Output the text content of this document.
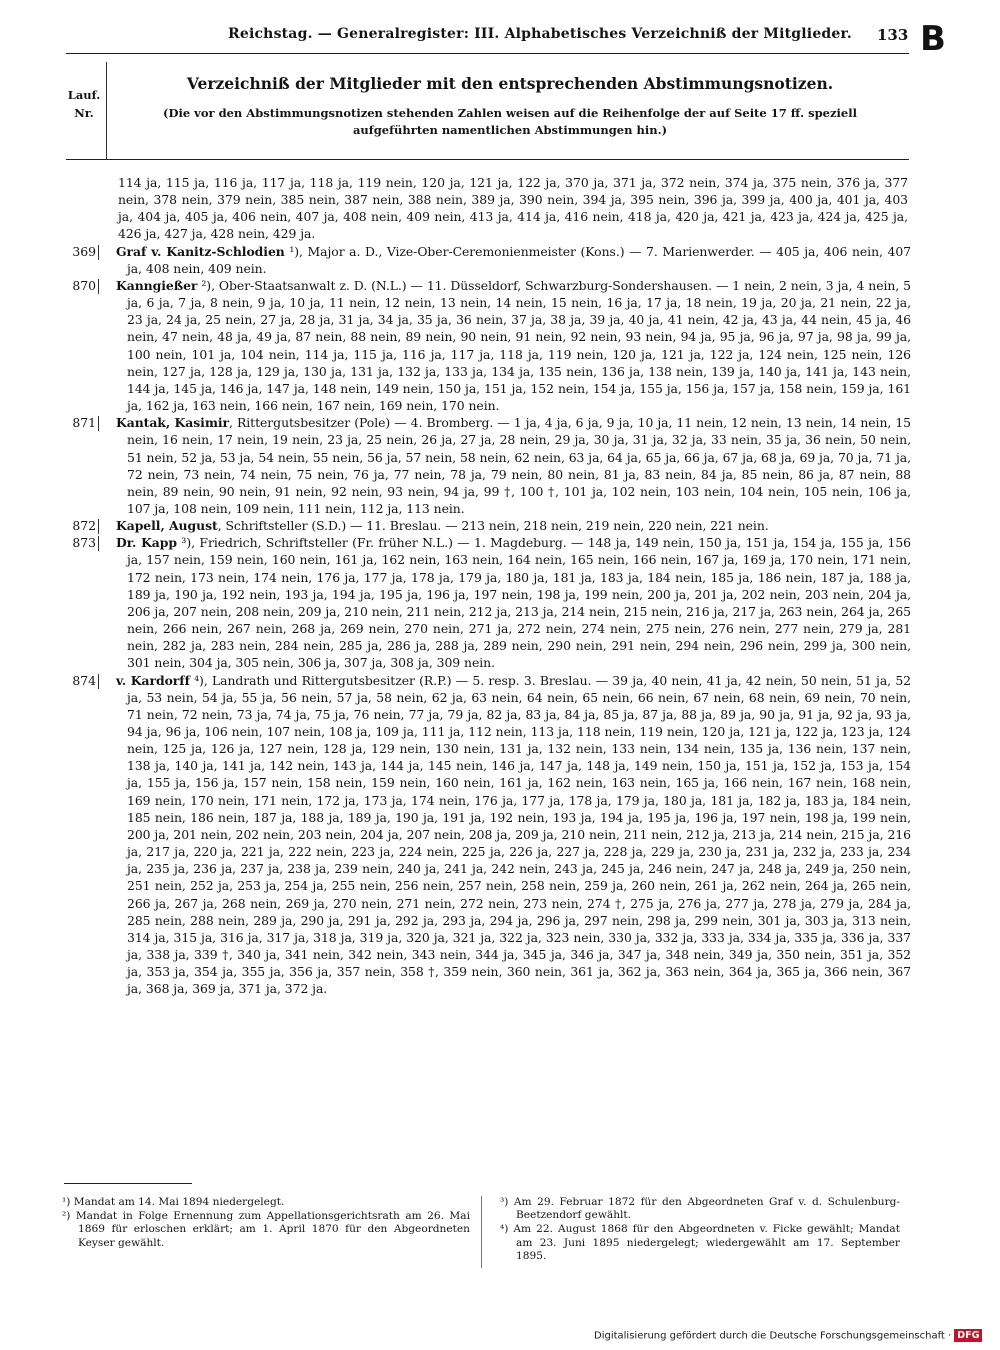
Reichstag. — Generalregister: III. Alphabetisches Verzeichniß der Mitglieder. 133 B
Lauf.
Nr.
Verzeichniß der Mitglieder mit den entsprechenden Abstimmungsnotizen.
(Die vor den Abstimmungsnotizen stehenden Zahlen weisen auf die Reihenfolge der auf Seite 17 ff. speziell aufgeführten namentlichen Abstimmungen hin.)

114 ja, 115 ja, 116 ja, 117 ja, 118 ja, 119 nein, 120 ja, 121 ja, 122 ja, 370 ja, 371 ja, 372 nein, 374 ja, 375 nein, 376 ja, 377 nein, 378 nein, 379 nein, 385 nein, 387 nein, 388 nein, 389 ja, 390 nein, 394 ja, 395 nein, 396 ja, 399 ja, 400 ja, 401 ja, 403 ja, 404 ja, 405 ja, 406 nein, 407 ja, 408 nein, 409 nein, 413 ja, 414 ja, 416 nein, 418 ja, 420 ja, 421 ja, 423 ja, 424 ja, 425 ja, 426 ja, 427 ja, 428 nein, 429 ja.

369 Graf v. Kanitz-Schlodien ¹), Major a. D., Vize-Ober-Ceremonienmeister (Kons.) — 7. Marienwerder. — 405 ja, 406 nein, 407 ja, 408 nein, 409 nein.
870 Kanngießer ²), Ober-Staatsanwalt z. D. (N.L.) — 11. Düsseldorf, Schwarzburg-Sondershausen. — 1 nein, 2 nein, 3 ja, 4 nein, 5 ja, 6 ja, 7 ja, 8 nein, 9 ja, 10 ja, 11 nein, 12 nein, 13 nein, 14 nein, 15 nein, 16 ja, 17 ja, 18 nein, 19 ja, 20 ja, 21 nein, 22 ja, 23 ja, 24 ja, 25 nein, 27 ja, 28 ja, 31 ja, 34 ja, 35 ja, 36 nein, 37 ja, 38 ja, 39 ja, 40 ja, 41 nein, 42 ja, 43 ja, 44 nein, 45 ja, 46 nein, 47 nein, 48 ja, 49 ja, 87 nein, 88 nein, 89 nein, 90 nein, 91 nein, 92 nein, 93 nein, 94 ja, 95 ja, 96 ja, 97 ja, 98 ja, 99 ja, 100 nein, 101 ja, 104 nein, 114 ja, 115 ja, 116 ja, 117 ja, 118 ja, 119 nein, 120 ja, 121 ja, 122 ja, 124 nein, 125 nein, 126 nein, 127 ja, 128 ja, 129 ja, 130 ja, 131 ja, 132 ja, 133 ja, 134 ja, 135 nein, 136 ja, 138 nein, 139 ja, 140 ja, 141 ja, 143 nein, 144 ja, 145 ja, 146 ja, 147 ja, 148 nein, 149 nein, 150 ja, 151 ja, 152 nein, 154 ja, 155 ja, 156 ja, 157 ja, 158 nein, 159 ja, 161 ja, 162 ja, 163 nein, 166 nein, 167 nein, 169 nein, 170 nein.
871 Kantak, Kasimir, Rittergutsbesitzer (Pole) — 4. Bromberg. — 1 ja, 4 ja, 6 ja, 9 ja, 10 ja, 11 nein, 12 nein, 13 nein, 14 nein, 15 nein, 16 nein, 17 nein, 19 nein, 23 ja, 25 nein, 26 ja, 27 ja, 28 nein, 29 ja, 30 ja, 31 ja, 32 ja, 33 nein, 35 ja, 36 nein, 50 nein, 51 nein, 52 ja, 53 ja, 54 nein, 55 nein, 56 ja, 57 nein, 58 nein, 62 nein, 63 ja, 64 ja, 65 ja, 66 ja, 67 ja, 68 ja, 69 ja, 70 ja, 71 ja, 72 nein, 73 nein, 74 nein, 75 nein, 76 ja, 77 nein, 78 ja, 79 nein, 80 nein, 81 ja, 83 nein, 84 ja, 85 nein, 86 ja, 87 nein, 88 nein, 89 nein, 90 nein, 91 nein, 92 nein, 93 nein, 94 ja, 99 †, 100 †, 101 ja, 102 nein, 103 nein, 104 nein, 105 nein, 106 ja, 107 ja, 108 nein, 109 nein, 111 nein, 112 ja, 113 nein.
872 Kapell, August, Schriftsteller (S.D.) — 11. Breslau. — 213 nein, 218 nein, 219 nein, 220 nein, 221 nein.
873 Dr. Kapp ³), Friedrich, Schriftsteller (Fr. früher N.L.) — 1. Magdeburg. — 148 ja, 149 nein, 150 ja, 151 ja, 154 ja, 155 ja, 156 ja, 157 nein, 159 nein, 160 nein, 161 ja, 162 nein, 163 nein, 164 nein, 165 nein, 166 nein, 167 ja, 169 ja, 170 nein, 171 nein, 172 nein, 173 nein, 174 nein, 176 ja, 177 ja, 178 ja, 179 ja, 180 ja, 181 ja, 183 ja, 184 nein, 185 ja, 186 nein, 187 ja, 188 ja, 189 ja, 190 ja, 192 nein, 193 ja, 194 ja, 195 ja, 196 ja, 197 nein, 198 ja, 199 nein, 200 ja, 201 ja, 202 nein, 203 nein, 204 ja, 206 ja, 207 nein, 208 nein, 209 ja, 210 nein, 211 nein, 212 ja, 213 ja, 214 nein, 215 nein, 216 ja, 217 ja, 263 nein, 264 ja, 265 nein, 266 nein, 267 nein, 268 ja, 269 nein, 270 nein, 271 ja, 272 nein, 274 nein, 275 nein, 276 nein, 277 nein, 279 ja, 281 nein, 282 ja, 283 nein, 284 nein, 285 ja, 286 ja, 288 ja, 289 nein, 290 nein, 291 nein, 294 nein, 296 nein, 299 ja, 300 nein, 301 nein, 304 ja, 305 nein, 306 ja, 307 ja, 308 ja, 309 nein.
874 v. Kardorff ⁴), Landrath und Rittergutsbesitzer (R.P.) — 5. resp. 3. Breslau. — 39 ja, 40 nein, 41 ja, 42 nein, 50 nein, 51 ja, 52 ja, 53 nein, 54 ja, 55 ja, 56 nein, 57 ja, 58 nein, 62 ja, 63 nein, 64 nein, 65 nein, 66 nein, 67 nein, 68 nein, 69 nein, 70 nein, 71 nein, 72 nein, 73 ja, 74 ja, 75 ja, 76 nein, 77 ja, 79 ja, 82 ja, 83 ja, 84 ja, 85 ja, 87 ja, 88 ja, 89 ja, 90 ja, 91 ja, 92 ja, 93 ja, 94 ja, 96 ja, 106 nein, 107 nein, 108 ja, 109 ja, 111 ja, 112 nein, 113 ja, 118 nein, 119 nein, 120 ja, 121 ja, 122 ja, 123 ja, 124 nein, 125 ja, 126 ja, 127 nein, 128 ja, 129 nein, 130 nein, 131 ja, 132 nein, 133 nein, 134 nein, 135 ja, 136 nein, 137 nein, 138 ja, 140 ja, 141 ja, 142 nein, 143 ja, 144 ja, 145 nein, 146 ja, 147 ja, 148 ja, 149 nein, 150 ja, 151 ja, 152 ja, 153 ja, 154 ja, 155 ja, 156 ja, 157 nein, 158 nein, 159 nein, 160 nein, 161 ja, 162 nein, 163 nein, 165 ja, 166 nein, 167 nein, 168 nein, 169 nein, 170 nein, 171 nein, 172 ja, 173 ja, 174 nein, 176 ja, 177 ja, 178 ja, 179 ja, 180 ja, 181 ja, 182 ja, 183 ja, 184 nein, 185 nein, 186 nein, 187 ja, 188 ja, 189 ja, 190 ja, 191 ja, 192 nein, 193 ja, 194 ja, 195 ja, 196 ja, 197 nein, 198 ja, 199 nein, 200 ja, 201 nein, 202 nein, 203 nein, 204 ja, 207 nein, 208 ja, 209 ja, 210 nein, 211 nein, 212 ja, 213 ja, 214 nein, 215 ja, 216 ja, 217 ja, 220 ja, 221 ja, 222 nein, 223 ja, 224 nein, 225 ja, 226 ja, 227 ja, 228 ja, 229 ja, 230 ja, 231 ja, 232 ja, 233 ja, 234 ja, 235 ja, 236 ja, 237 ja, 238 ja, 239 nein, 240 ja, 241 ja, 242 nein, 243 ja, 245 ja, 246 nein, 247 ja, 248 ja, 249 ja, 250 nein, 251 nein, 252 ja, 253 ja, 254 ja, 255 nein, 256 nein, 257 nein, 258 nein, 259 ja, 260 nein, 261 ja, 262 nein, 264 ja, 265 nein, 266 ja, 267 ja, 268 nein, 269 ja, 270 nein, 271 nein, 272 nein, 273 nein, 274 †, 275 ja, 276 ja, 277 ja, 278 ja, 279 ja, 284 ja, 285 nein, 288 nein, 289 ja, 290 ja, 291 ja, 292 ja, 293 ja, 294 ja, 296 ja, 297 nein, 298 ja, 299 nein, 301 ja, 303 ja, 313 nein, 314 ja, 315 ja, 316 ja, 317 ja, 318 ja, 319 ja, 320 ja, 321 ja, 322 ja, 323 nein, 330 ja, 332 ja, 333 ja, 334 ja, 335 ja, 336 ja, 337 ja, 338 ja, 339 †, 340 ja, 341 nein, 342 nein, 343 nein, 344 ja, 345 ja, 346 ja, 347 ja, 348 nein, 349 ja, 350 nein, 351 ja, 352 ja, 353 ja, 354 ja, 355 ja, 356 ja, 357 nein, 358 †, 359 nein, 360 nein, 361 ja, 362 ja, 363 nein, 364 ja, 365 ja, 366 nein, 367 ja, 368 ja, 369 ja, 371 ja, 372 ja.

¹) Mandat am 14. Mai 1894 niedergelegt.

²) Mandat in Folge Ernennung zum Appellationsgerichtsrath am 26. Mai 1869 für erloschen erklärt; am 1. April 1870 für den Abgeordneten Keyser gewählt.

³) Am 29. Februar 1872 für den Abgeordneten Graf v. d. Schulenburg-Beetzendorf gewählt.

⁴) Am 22. August 1868 für den Abgeordneten v. Ficke gewählt; Mandat am 23. Juni 1895 niedergelegt; wiedergewählt am 17. September 1895.

Digitalisierung gefördert durch die Deutsche Forschungsgemeinschaft · DFG
